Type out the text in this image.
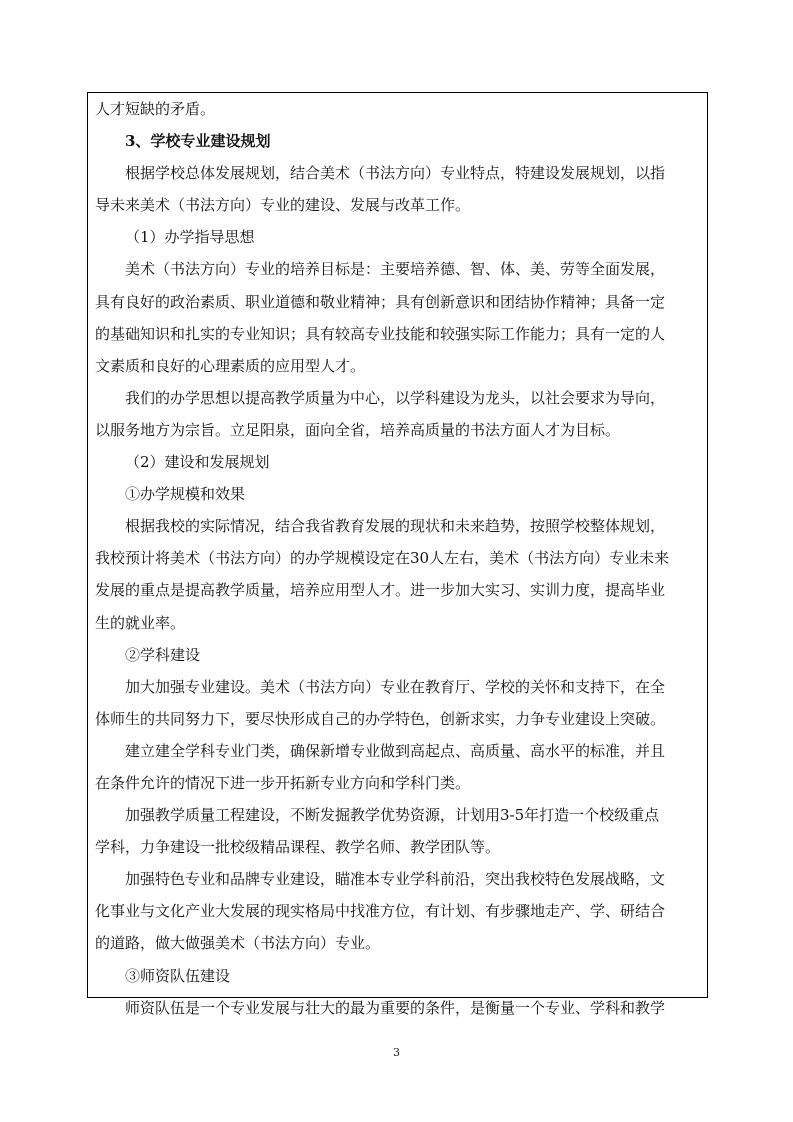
人才短缺的矛盾。
3、学校专业建设规划
根据学校总体发展规划，结合美术（书法方向）专业特点，特建设发展规划，以指
导未来美术（书法方向）专业的建设、发展与改革工作。
（1）办学指导思想
美术（书法方向）专业的培养目标是：主要培养德、智、体、美、劳等全面发展，
具有良好的政治素质、职业道德和敬业精神；具有创新意识和团结协作精神；具备一定
的基础知识和扎实的专业知识；具有较高专业技能和较强实际工作能力；具有一定的人
文素质和良好的心理素质的应用型人才。
我们的办学思想以提高教学质量为中心，以学科建设为龙头，以社会要求为导向，
以服务地方为宗旨。立足阳泉，面向全省，培养高质量的书法方面人才为目标。
（2）建设和发展规划
①办学规模和效果
根据我校的实际情况，结合我省教育发展的现状和未来趋势，按照学校整体规划，
我校预计将美术（书法方向）的办学规模设定在30人左右，美术（书法方向）专业未来
发展的重点是提高教学质量，培养应用型人才。进一步加大实习、实训力度，提高毕业
生的就业率。
②学科建设
加大加强专业建设。美术（书法方向）专业在教育厅、学校的关怀和支持下，在全
体师生的共同努力下，要尽快形成自己的办学特色，创新求实，力争专业建设上突破。
建立建全学科专业门类，确保新增专业做到高起点、高质量、高水平的标准，并且
在条件允许的情况下进一步开拓新专业方向和学科门类。
加强教学质量工程建设，不断发掘教学优势资源，计划用3-5年打造一个校级重点
学科，力争建设一批校级精品课程、教学名师、教学团队等。
加强特色专业和品牌专业建设，瞄准本专业学科前沿，突出我校特色发展战略，文
化事业与文化产业大发展的现实格局中找准方位，有计划、有步骤地走产、学、研结合
的道路，做大做强美术（书法方向）专业。
③师资队伍建设
师资队伍是一个专业发展与壮大的最为重要的条件，是衡量一个专业、学科和教学
3
